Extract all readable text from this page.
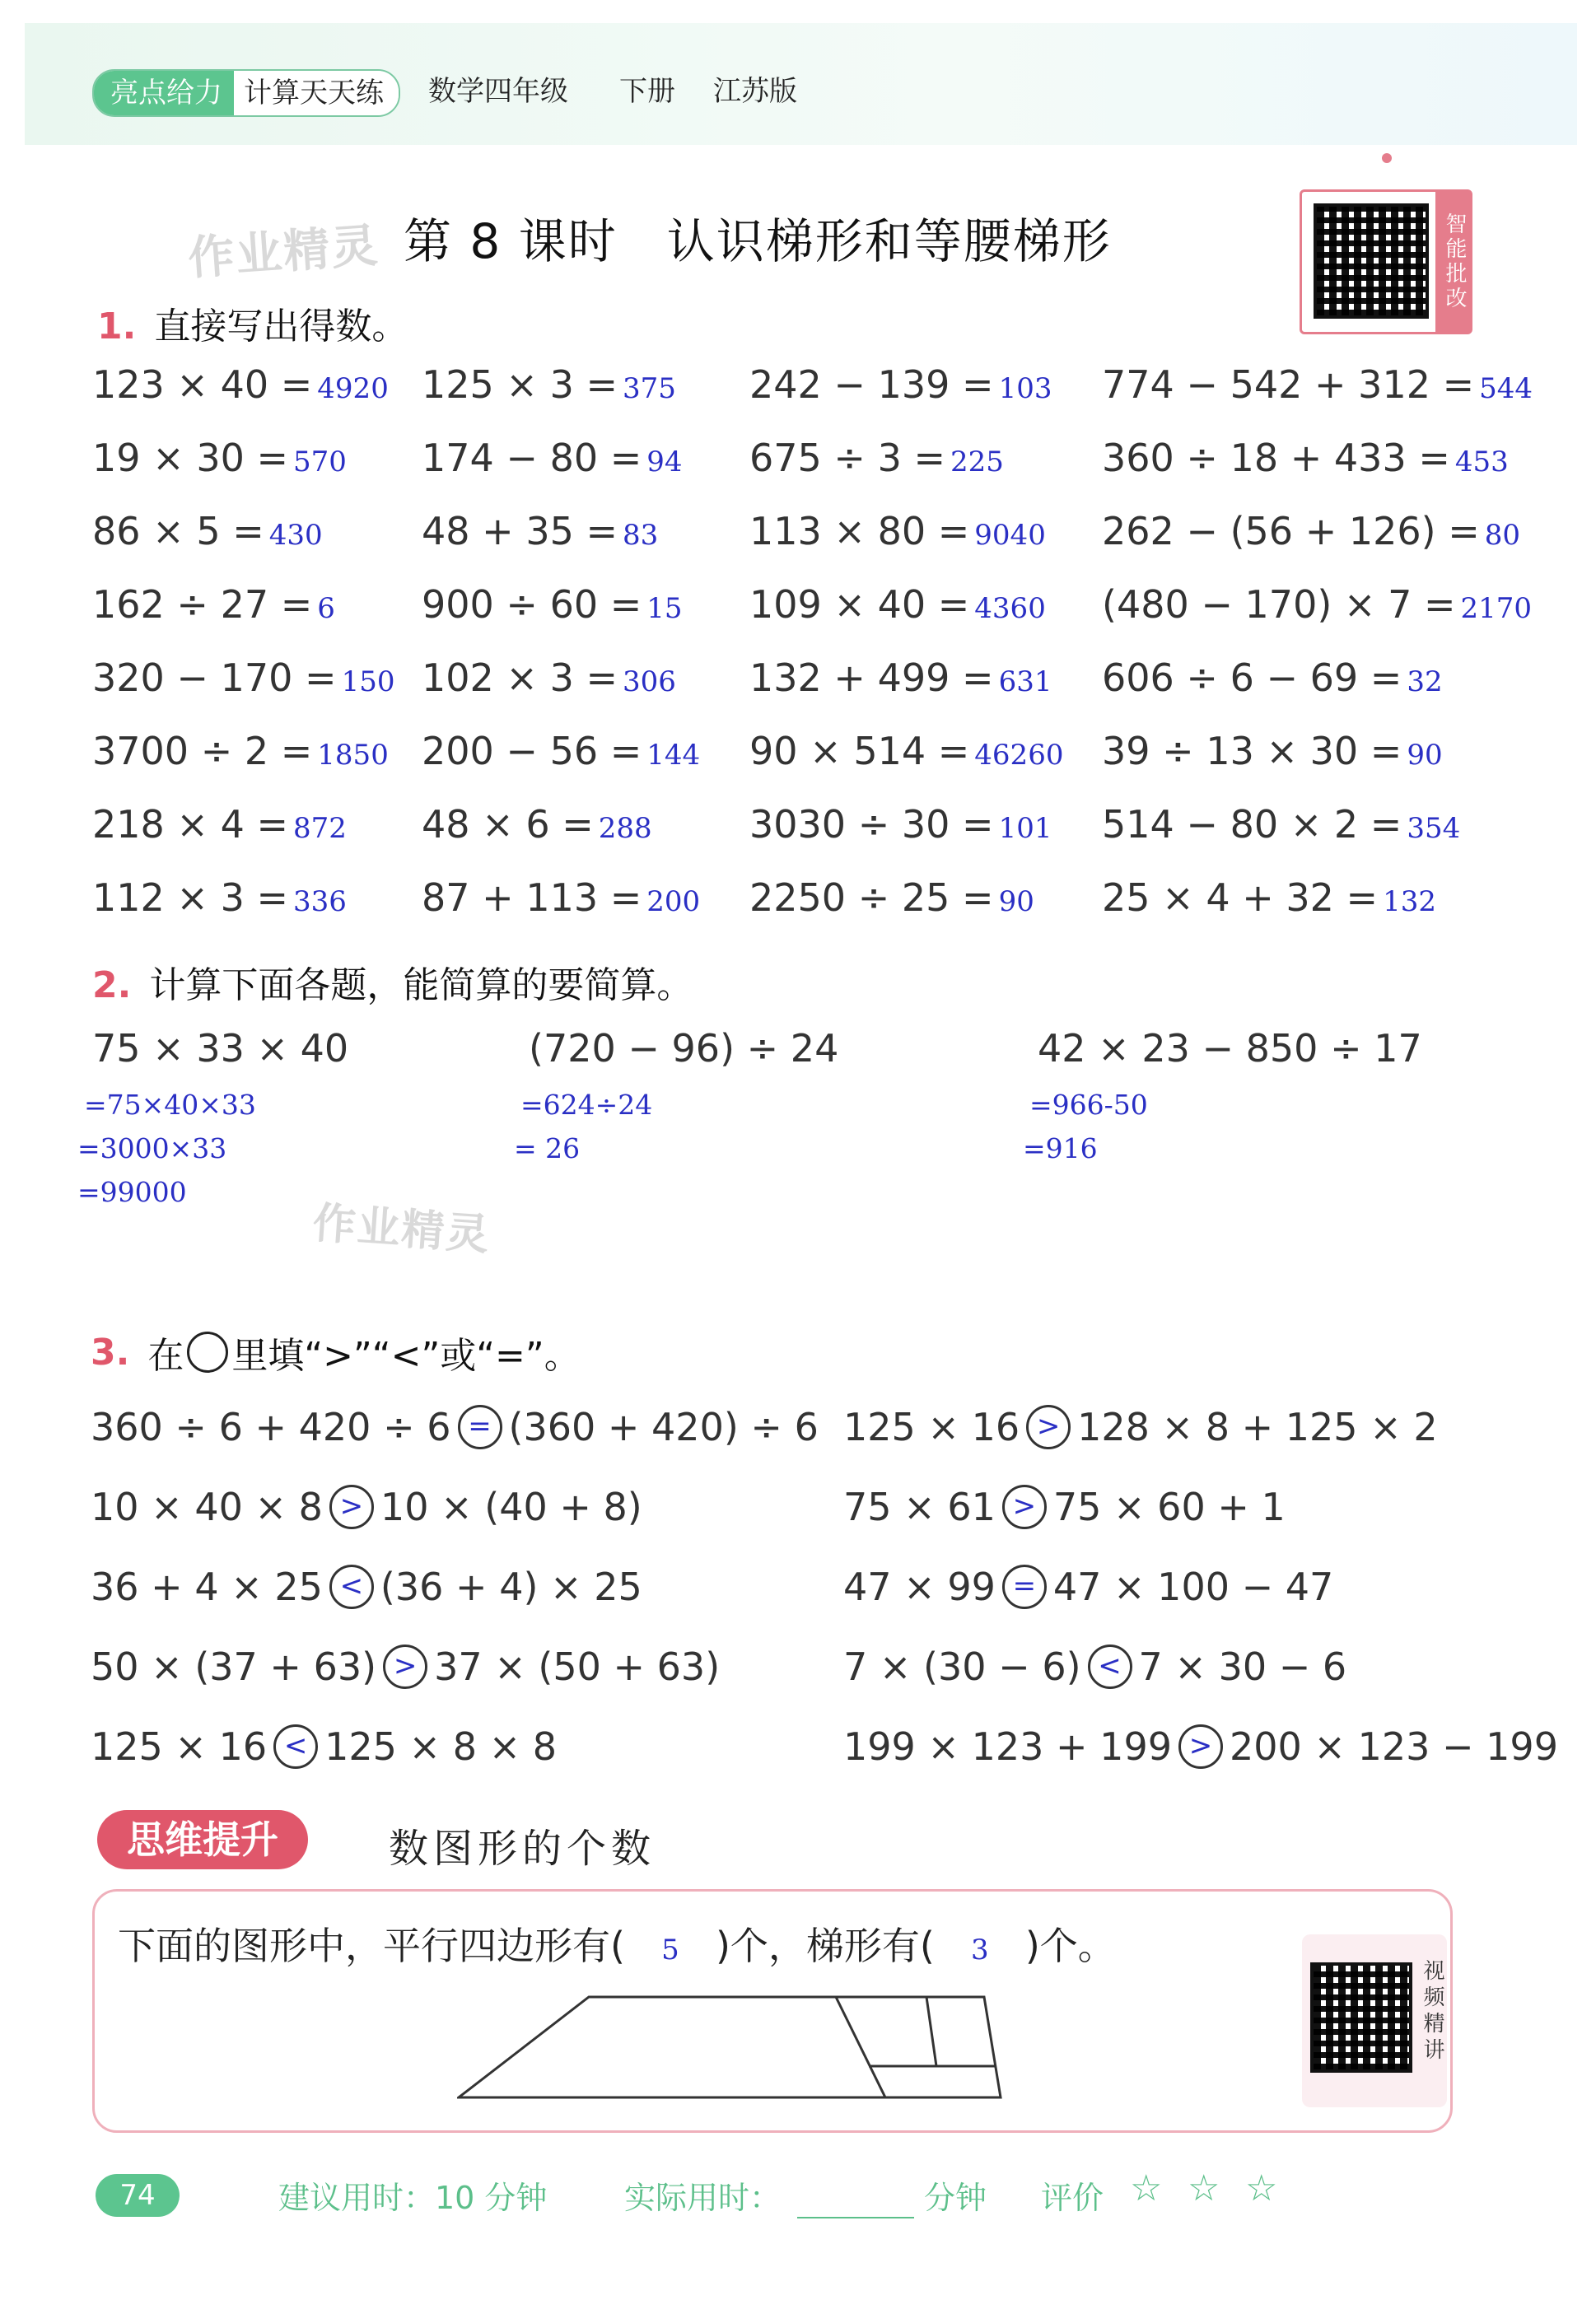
亮点给力 计算天天练	数学四年级 下册 江苏版
作业精灵 第 8 课时　认识梯形和等腰梯形	智能批改
1. 直接写出得数。
123 × 40 = 4920 125 × 3 = 375 242 − 139 = 103 774 − 542 + 312 = 544
19 × 30 = 570 174 − 80 = 94 675 ÷ 3 = 225	360 ÷ 18 + 433 = 453
86 × 5 = 430	48 + 35 = 83 113 × 80 = 9040 262 − (56 + 126) = 80
162 ÷ 27 = 6 900 ÷ 60 = 15 109 × 40 = 4360 (480 − 170) × 7 = 2170
320 − 170 = 150 102 × 3 = 306 132 + 499 = 631 606 ÷ 6 − 69 = 32
3700 ÷ 2 = 1850 200 − 56 = 144 90 × 514 = 46260 39 ÷ 13 × 30 = 90
218 × 4 = 872 48 × 6 = 288	3030 ÷ 30 = 101 514 − 80 × 2 = 354
112 × 3 = 336 87 + 113 = 200 2250 ÷ 25 = 90 25 × 4 + 32 = 132
2. 计算下面各题，能简算的要简算。
75 × 33 × 40
=75×40×33
=3000×33
=99000
(720 − 96) ÷ 24
=624÷24
= 26
42 × 23 − 850 ÷ 17
=966-50
=916
作业精灵
3. 在 里填“>”“<”或“=”。
360 ÷ 6 + 420 ÷ 6 = (360 + 420) ÷ 6 125 × 16 > 128 × 8 + 125 × 2
10 × 40 × 8 > 10 × (40 + 8)	75 × 61 > 75 × 60 + 1
36 + 4 × 25 < (36 + 4) × 25	47 × 99 = 47 × 100 − 47
50 × (37 + 63) > 37 × (50 + 63)	7 × (30 − 6) < 7 × 30 − 6
125 × 16 < 125 × 8 × 8	199 × 123 + 199 > 200 × 123 − 199
思维提升	数图形的个数
下面的图形中，平行四边形有( 5 )个，梯形有( 3 )个。
视频精讲
74	建议用时：10 分钟 实际用时：	分钟 评价 ☆ ☆ ☆
